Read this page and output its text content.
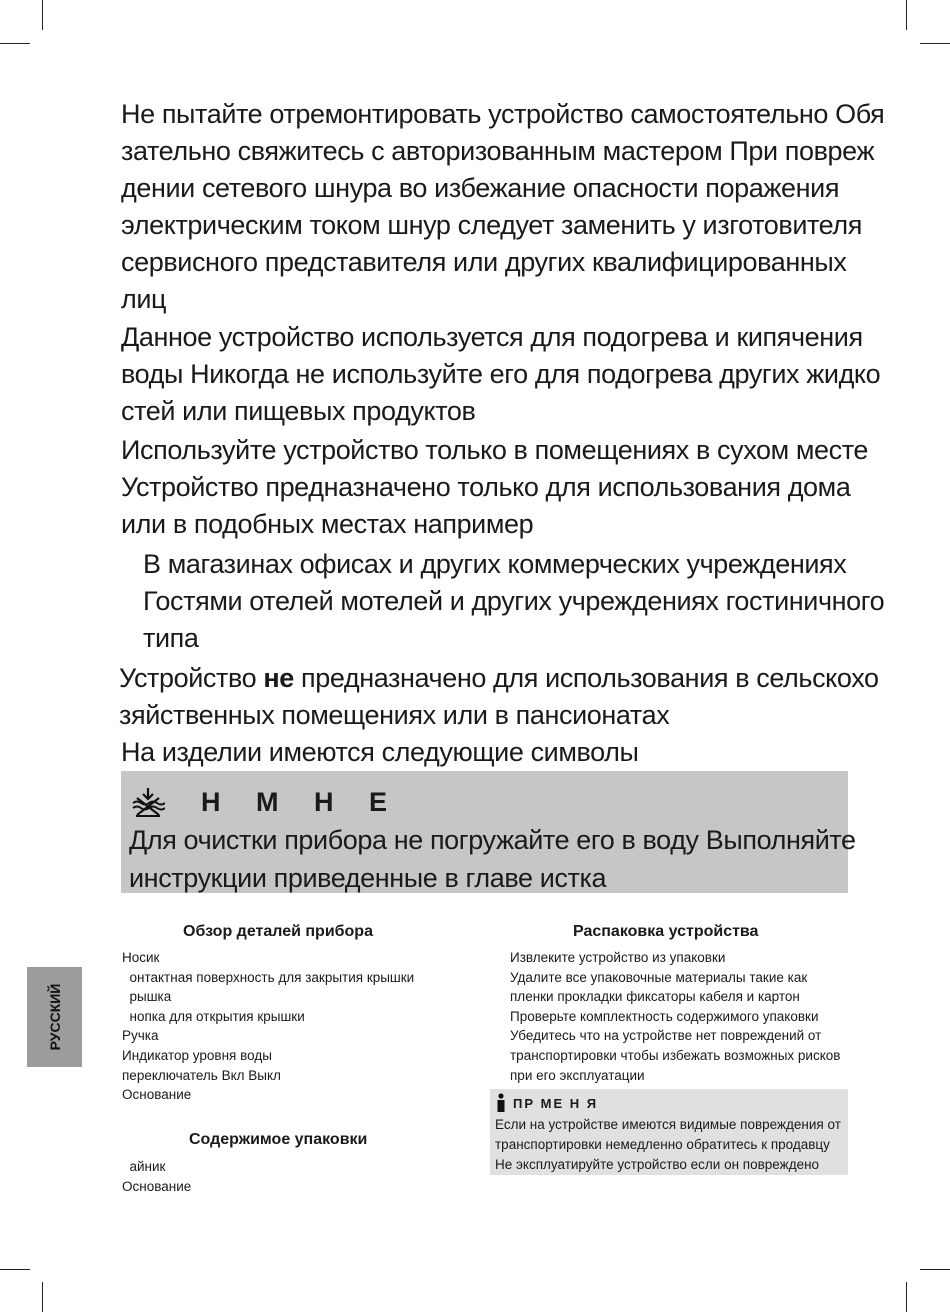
Не пытайте отремонтировать устройство самостоятельно Обя

зательно свяжитесь с авторизованным мастером При повреж

дении сетевого шнура во избежание опасности поражения

электрическим током шнур следует заменить у изготовителя

сервисного представителя или других квалифицированных

лиц

Данное устройство используется для подогрева и кипячения

воды Никогда не используйте его для подогрева других жидко

стей или пищевых продуктов

Используйте устройство только в помещениях в сухом месте

Устройство предназначено только для использования дома

или в подобных местах например

В магазинах офисах и других коммерческих учреждениях

Гостями отелей мотелей и других учреждениях гостиничного

типа

Устройство не предназначено для использования в сельскохо

зяйственных помещениях или в пансионатах

На изделии имеются следующие символы

Н М Н Е

Для очистки прибора не погружайте его в воду Выполняйте

инструкции приведенные в главе истка

РУССКИЙ
Обзор деталей прибора

Носик

онтактная поверхность для закрытия крышки

рышка

нопка для открытия крышки

Ручка

Индикатор уровня воды

переключатель Вкл Выкл

Основание

Содержимое упаковки

айник

Основание

Распаковка устройства

Извлеките устройство из упаковки

Удалите все упаковочные материалы такие как

пленки прокладки фиксаторы кабеля и картон

Проверьте комплектность содержимого упаковки

Убедитесь что на устройстве нет повреждений от

транспортировки чтобы избежать возможных рисков

при его эксплуатации

ПР МЕ Н Я

Если на устройстве имеются видимые повреждения от

транспортировки немедленно обратитесь к продавцу

Не эксплуатируйте устройство если он повреждено
